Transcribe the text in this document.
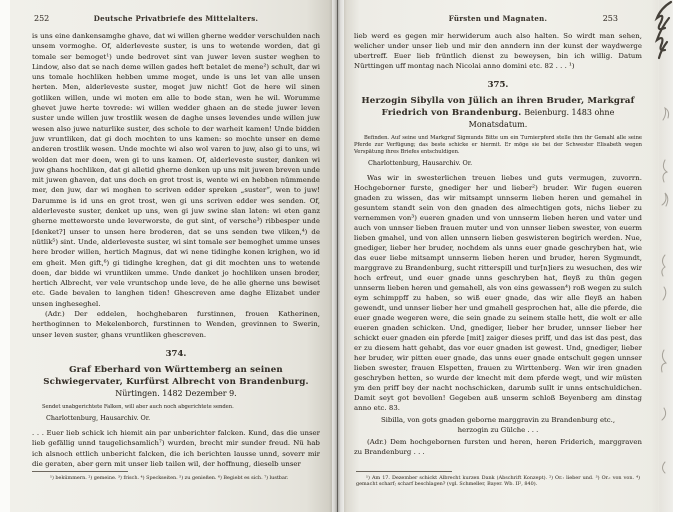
252	Deutsche Privatbriefe des Mittelalters.

is uns eine dankensamghe ghave, dat wi willen gherne wedder verschulden nach unsem vormoghe. Of, alderleveste suster, is uns to wetende worden, dat gi tomale ser bemoget¹) unde bedrovet sint van juwer leven suster weghen to Lindow, also dat se nach deme willen gades heft betalet de mene²) schult, dar wi uns tomale hochliken hebben umme moget, unde is uns let van alle unsen herten. Men, alderleveste suster, moget juw nicht! Got de here wil sinen gotliken willen, unde wi moten em alle to bode stan, wen he wil. Worumme ghevet juwe herte tovrede: wi willen wedder ghaen an de stede juwer leven suster unde willen juw trostlik wesen de daghe unses levendes unde willen juw wesen also juwe naturlike suster, des schole to der warheit kamen! Unde bidden juw vruntliken, dat gi doch mochten to uns kamen: so mochte unser en deme anderen trostlik wesen. Unde mochte wi also wol varen to juw, also gi to uns, wi wolden dat mer doen, wen gi to uns kamen. Of, alderleveste suster, danken wi juw ghans hochliken, dat gi alletid gherne denken up uns mit juwen breven unde mit juwen ghaven, dat uns doch en grot trost is, wente wi en hebben nümmende mer, den juw, dar wi moghen to scriven edder spreken „suster“, wen to juw! Darumme is id uns en grot trost, wen gi uns scriven edder wes senden. Of, alderleveste suster, denket up uns, wen gi juw swine slan laten: wi eten ganz gherne metteworste unde leverworste, de gut sint, of versche³) ribbesper unde [denket?] unser to unsen here broderen, dat se uns senden twe vliken,⁴) de nütlik⁵) sint. Unde, alderleveste suster, wi sint tomale ser bemoghet umme unses here broder willen, hertich Magnus, dat wi nene tidinghe konen krighen, wo id em gheit. Men gift,⁶) gi tidinghe kreghen, dat gi dit mochten uns to wetende doen, dar bidde wi vruntliken umme. Unde danket jo hochliken unsen broder, hertich Albrecht, ver vele vruntschop unde leve, de he alle gherne uns bewiset etc. Gade bevalen to langhen tiden! Ghescreven ame daghe Elizabet under unsen ingheseghel.

(Adr.) Der eddelen, hochghebaren furstinnen, frouen Katherinen, herthoginnen to Mekelenborch, furstinnen to Wenden, grevinnen to Swerin, unser leven suster, ghans vruntliken ghescreven.

374.

Graf Eberhard von Württemberg an seinen Schwiegervater, Kurfürst Albrecht von Brandenburg. Nürtingen. 1482 Dezember 9.

Sendet unabgerichtete Falken, will aber auch noch abgerichtete senden.

Charlottenburg, Hausarchiv. Or.

. . . Euer lieb schick ich hiemit ain par unberichter falcken. Kund, das die unser lieb gefällig unnd taugelichsamlich⁷) wurden, brecht mir sunder freud. Nü hab ich alsnoch ettlich unbericht falcken, die ich berichten lausse unnd, soverr mir die geraten, aber gern mit unser lieb tailen wil, der hoffnung, dieselb unser

¹) bekümmern. ²) gemeine. ³) frisch. ⁴) Speckseiten. ⁵) zu genießen. ⁶) Begiebt es sich. ⁷) lustbar.

Fürsten und Magnaten.	253

lieb werd es gegen mir herwiderum auch also halten. So wirdt man sehen, welicher under unser lieb und mir den anndern inn der kunst der waydwerge ubertreff. Euer lieb früntlich dienst zu beweysen, bin ich willig. Datum Nürttingen uff montag nach Nicolai anno domini etc. 82 . . . ¹)

375.

Herzogin Sibylla von Jülich an ihren Bruder, Markgraf Friedrich von Brandenburg. Beienburg. 1483 ohne Monatsdatum.

Befinden. Auf seine und Markgraf Sigmunds Bitte um ein Turnierpferd stelle ihm ihr Gemahl alle seine Pferde zur Verfügung; das beste schicke er hiermit. Er möge sie bei der Schwester Elisabeth wegen Verspätung ihres Briefes entschuldigen.

Charlottenburg, Hausarchiv. Or.

Was wir in swesterlichen treuen liebes und guts vermugen, zuvorrn. Hochgeborner furste, gnediger her und lieber²) bruder. Wir fugen eueren gnaden zu wissen, das wir mitsampt unnserm lieben heren und gemahel in gesuntem standt sein von den gnaden des almechtigen gots, nichs lieber zu vernemmen von³) eueren gnaden und von unnserm lieben heren und vater und auch von unnser lieben frauen muter und von unnser lieben swester, von euerm lieben gmahel, und von allen unnsern lieben geswisteren begirich werden. Nue, gnediger, lieber her bruder, nochdem als unns euer gnade geschryben hat, wie das euer liebe mitsampt unnserm lieben heren und bruder, heren Sygmundt, marggrave zu Brandenburg, sucht ritterspill und tur[n]iers zu wesuchen, des wir hoch erfreut, und euer gnade unns geschryben hat, fleyß zu thün gegen unnserm lieben heren und gemahell, als von eins gewassen⁴) roß wegen zu sulch eym schimppff zu haben, so wiß euer gnade, das wir alle fleyß an haben gewendt, und unnser lieber her und gmahell gesprochen hat, alle die pferde, die euer gnade wegeren were, die sein gnade zu seinem stalle hett, die wolt er alle eueren gnaden schicken. Und, gnediger, lieber her bruder, unnser lieber her schickt euer gnaden ein pferde [mit] zaiger dieses priff, und das ist das pest, das er zu diesem hatt gehabt, das vor euer gnaden ist gewest. Und, gnediger, lieber her bruder, wir pitten euer gnade, das unns euer gnade entschult gegen unnser lieben swester, frauen Elspetten, frauen zu Wirttenberg. Wen wir iren gnaden geschryben hetten, so wurde der knecht mit dem pferde wegt, und wir müsten ym den priff bey der nacht nochschicken, darumb sullt ir unns entschuldichen. Damit seyt got bevollen! Gegeben auß unserm schloß Beyenberg am dinstag anno etc. 83.

Sibilla, von gots gnaden geborne marggravin zu Brandenburg etc., herzogin zu Gülche . . .

(Adr.) Dem hochgebornen fursten und heren, heren Friderich, marggraven zu Brandenburg . . .

¹) Am 17. Dezember schickt Albrecht kurzen Dank (Abschrift Konzept). ²) Or.: lieber und. ³) Or.: von von. ⁴) gemacht scharf; scharf beschlagen? (vgl. Schmeller, Bayer. Wb. II², 840).
